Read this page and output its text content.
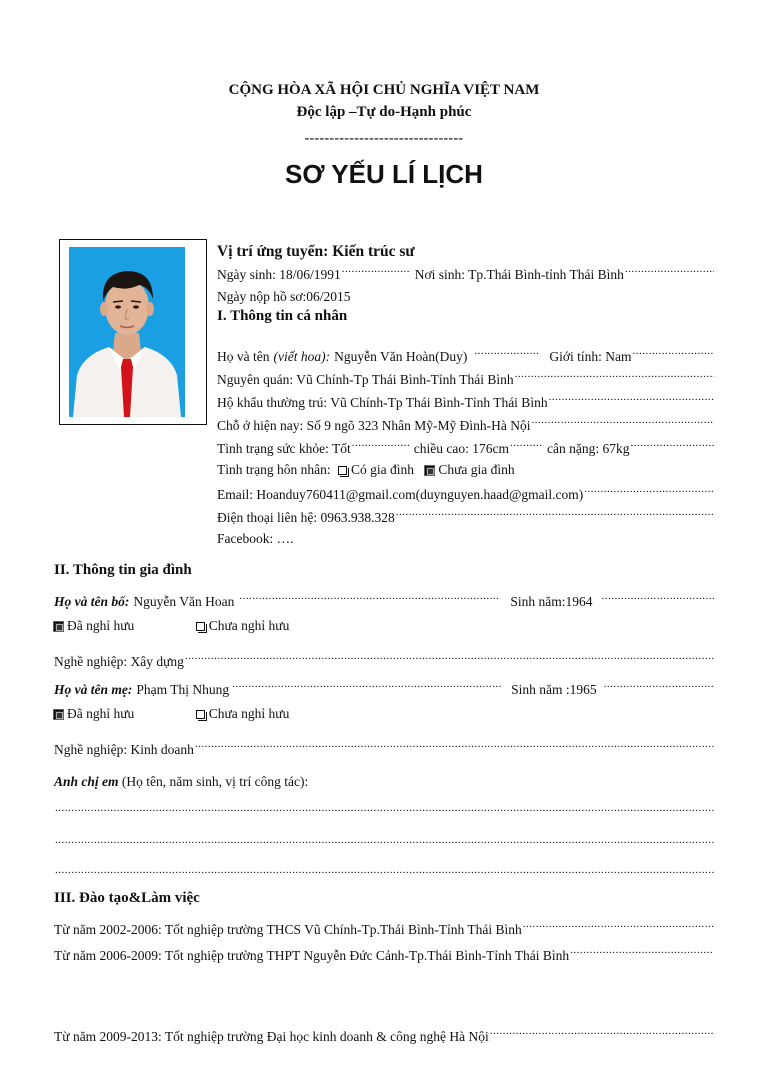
CỘNG HÒA XÃ HỘI CHỦ NGHĨA VIỆT NAM
Độc lập –Tự do-Hạnh phúc
--------------------------------
SƠ YẾU LÍ LỊCH
Vị trí ứng tuyển: Kiến trúc sư
Ngày sinh: 18/06/1991 .....	Nơi sinh: Tp.Thái Bình-tỉnh Thái Bình
.....
Ngày nộp hồ sơ:06/2015
I. Thông tin cá nhân
Họ và tên (viết hoa): Nguyễn Văn Hoàn(Duy) .....	Giới tính: Nam
.....
Nguyên quán: Vũ Chính-Tp Thái Bình-Tỉnh Thái Bình
.....
Hộ khẩu thường trú: Vũ Chính-Tp Thái Bình-Tỉnh Thái Bình
.....
Chỗ ở hiện nay: Số 9 ngõ 323 Nhân Mỹ-Mỹ Đình-Hà Nội
.....
Tình trạng sức khỏe: Tốt .....	chiều cao: 176cm .....	cân nặng: 67kg
.....
Tình trạng hôn nhân: Có gia đình Chưa gia đình
Email: Hoanduy760411@gmail.com(duynguyen.haad@gmail.com)
.....
Điện thoại liên hệ: 0963.938.328
.....
Facebook: ….
II. Thông tin gia đình
Họ và tên bố: Nguyễn Văn Hoan .....	Sinh năm:1964
.....
Đã nghỉ hưu	Chưa nghỉ hưu
Nghề nghiệp: Xây dựng
.....
Họ và tên mẹ: Phạm Thị Nhung .....	Sinh năm :1965
.....
Đã nghỉ hưu	Chưa nghỉ hưu
Nghề nghiệp: Kinh doanh
.....
Anh chị em (Họ tên, năm sinh, vị trí công tác):
.....
.....
.....
III. Đào tạo&Làm việc
Từ năm 2002-2006: Tốt nghiệp trường THCS Vũ Chính-Tp.Thái Bình-Tỉnh Thái Bình
.....
Từ năm 2006-2009: Tốt nghiệp trường THPT Nguyễn Đức Cảnh-Tp.Thái Bình-Tỉnh Thái Bình
.....
Từ năm 2009-2013: Tốt nghiệp trường Đại học kinh doanh & công nghệ Hà Nội
.....
